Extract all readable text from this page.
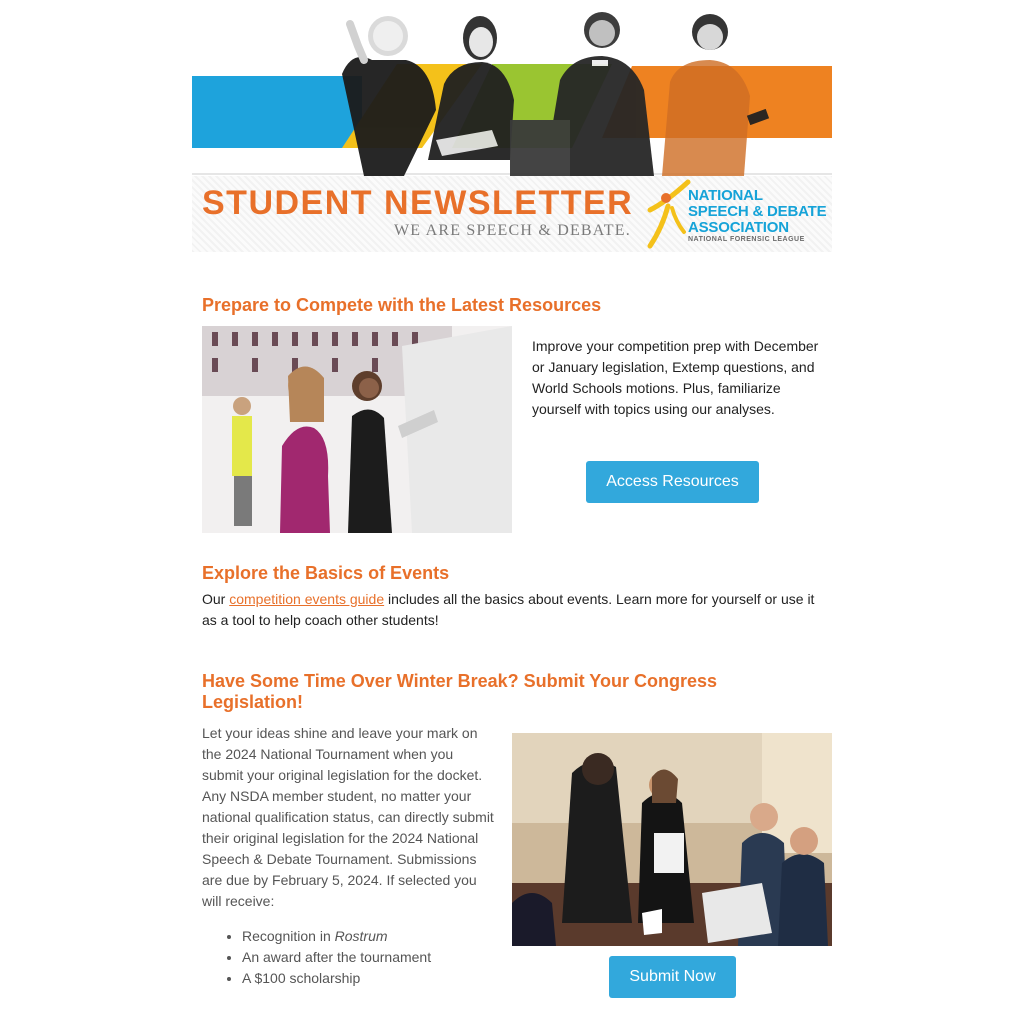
STUDENT NEWSLETTER
WE ARE SPEECH & DEBATE.
NATIONAL
SPEECH & DEBATE
ASSOCIATION
NATIONAL FORENSIC LEAGUE
Prepare to Compete with the Latest Resources

Improve your competition prep with December or January legislation, Extemp questions, and World Schools motions. Plus, familiarize yourself with topics using our analyses.

Access Resources
Explore the Basics of Events

Our competition events guide includes all the basics about events. Learn more for yourself or use it as a tool to help coach other students!

Have Some Time Over Winter Break? Submit Your Congress Legislation!

Let your ideas shine and leave your mark on the 2024 National Tournament when you submit your original legislation for the docket. Any NSDA member student, no matter your national qualification status, can directly submit their original legislation for the 2024 National Speech & Debate Tournament. Submissions are due by February 5, 2024. If selected you will receive:

• Recognition in Rostrum
• An award after the tournament
• A $100 scholarship	Submit Now
